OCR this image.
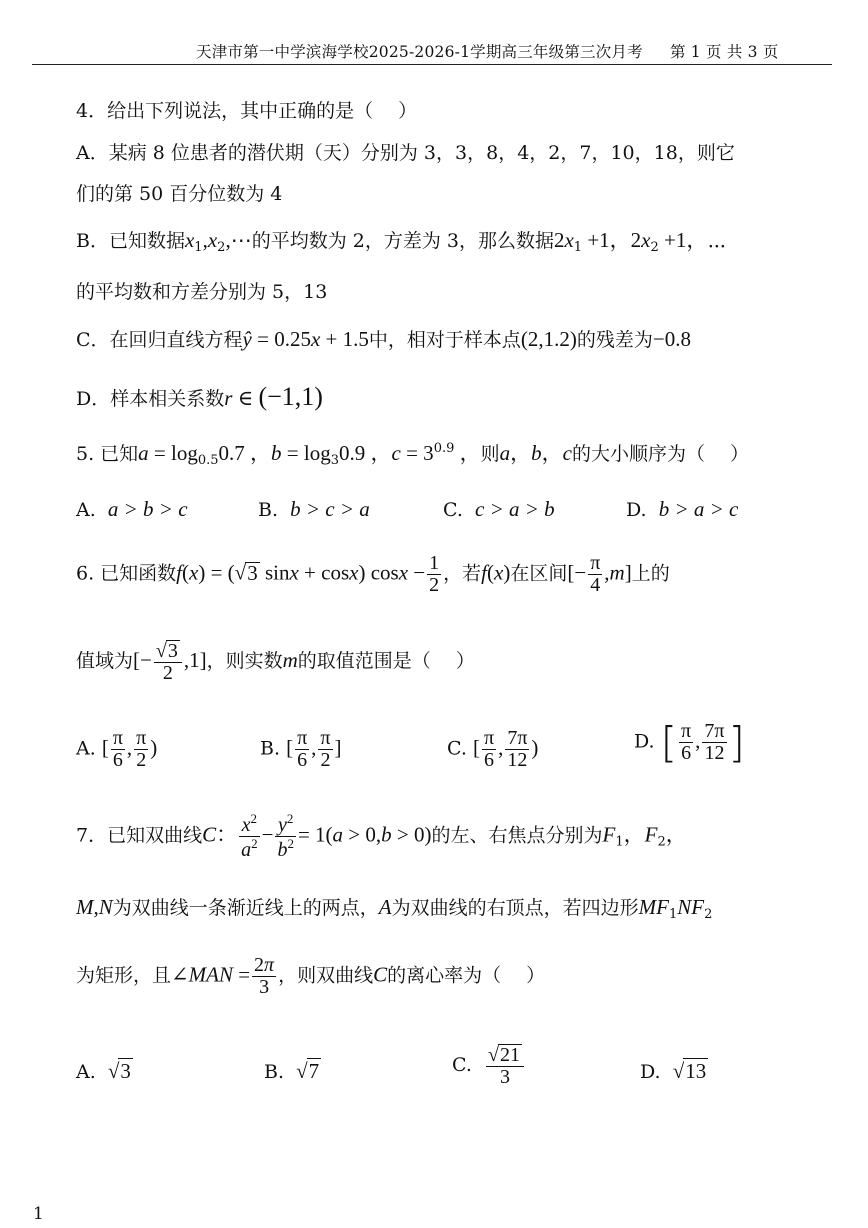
天津市第一中学滨海学校2025-2026-1学期高三年级第三次月考 第 1 页 共 3 页
4．给出下列说法，其中正确的是（　 ）
A．某病 8 位患者的潜伏期（天）分别为 3，3，8，4，2，7，10，18，则它
们的第 50 百分位数为 4
B．已知数据$x_1,x_2,\cdots$的平均数为 2，方差为 3，那么数据$2x_1 +1$，$2x_2 +1$，⋯
的平均数和方差分别为 5，13
C．在回归直线方程ŷ = 0.25x + 1.5中，相对于样本点(2,1.2)的残差为−0.8
D．样本相关系数r ∈ (−1,1)
5. 已知$a = \log_{0.5}0.7$ ，$b = \log_30.9$ ，$c = 3^{0.9}$ ，则a，b，c的大小顺序为（　 ）
A. a > b > c	B. b > c > a	C. c > a > b	D. b > a > c
6. 已知函数f(x) = (√3 sinx + cosx) $\cos x - \frac{1}{2}$ ，若f(x)在区间[− $\frac{\pi}{4} ,m$]上的
值域为[− $\frac{√3}{2} ,1$]，则实数m的取值范围是（　 ）
A. [ $\frac{\pi}{6}$ , $\frac{\pi}{2}$ )	B. [ $\frac{\pi}{6}$ , $\frac{\pi}{2}$ ]	C. [ $\frac{\pi}{6}$ , $\frac{7\pi}{12}$ )	D. [ $\frac{\pi}{6}$ , $\frac{7\pi}{12}$ ]
7．已知双曲线C： $\frac{x^2}{a^2} - \frac{y^2}{b^2} = 1(a > 0,b > 0)$的左、右焦点分别为$F_1$，$F_2$，
M,N为双曲线一条渐近线上的两点，A为双曲线的右顶点，若四边形$MF_1NF_2$
为矩形，且∠MAN = $\frac{2\pi}{3}$ ，则双曲线C的离心率为（　 ）
A. √3	B. √7	C. $\frac{√21}{3}$	D. √13
1
